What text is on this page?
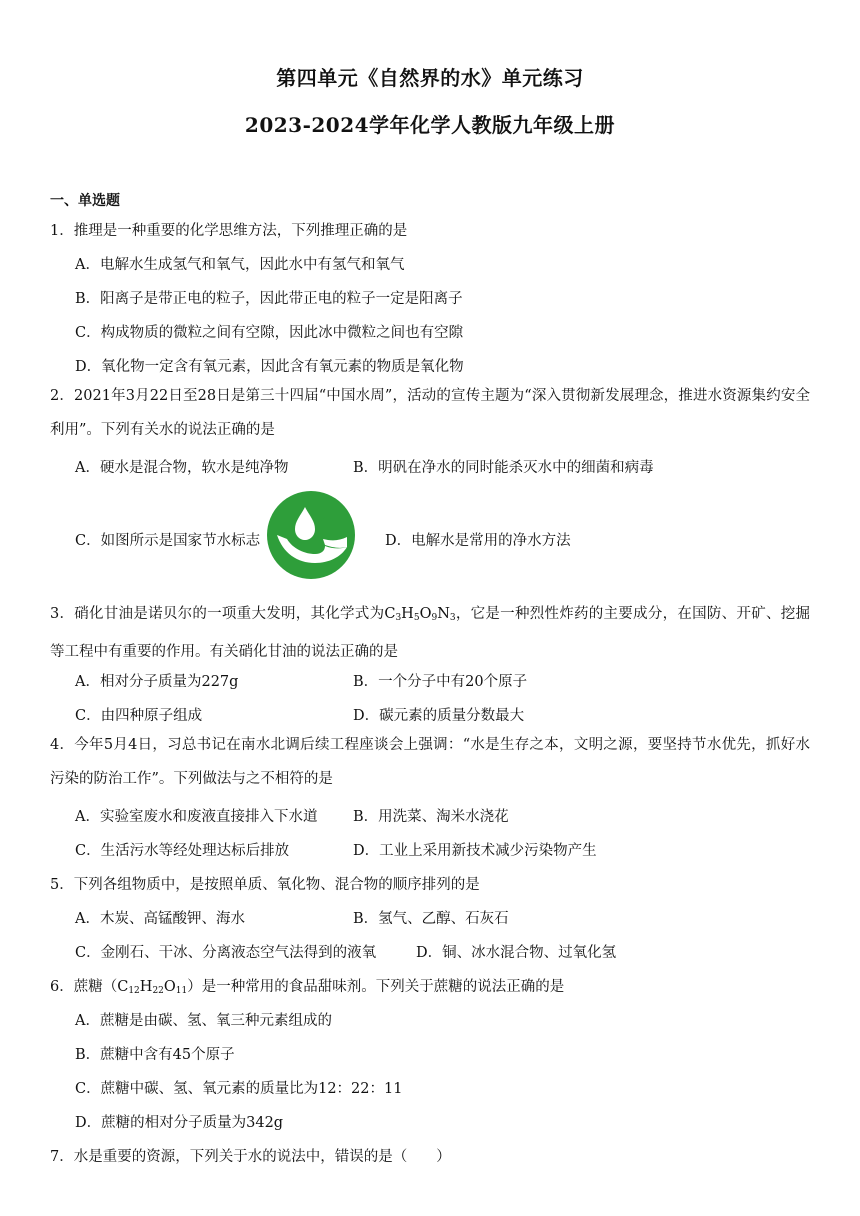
第四单元《自然界的水》单元练习
2023-2024学年化学人教版九年级上册
一、单选题
1．推理是一种重要的化学思维方法，下列推理正确的是
A．电解水生成氢气和氧气，因此水中有氢气和氧气
B．阳离子是带正电的粒子，因此带正电的粒子一定是阳离子
C．构成物质的微粒之间有空隙，因此冰中微粒之间也有空隙
D．氧化物一定含有氧元素，因此含有氧元素的物质是氧化物
2．2021年3月22日至28日是第三十四届“中国水周”，活动的宣传主题为“深入贯彻新发展理念，推进水资源集约安全利用”。下列有关水的说法正确的是
A．硬水是混合物，软水是纯净物	B．明矾在净水的同时能杀灭水中的细菌和病毒
C．如图所示是国家节水标志	D．电解水是常用的净水方法
3．硝化甘油是诺贝尔的一项重大发明，其化学式为$C_3H_5O_9N_3$，它是一种烈性炸药的主要成分，在国防、开矿、挖掘等工程中有重要的作用。有关硝化甘油的说法正确的是
A．相对分子质量为227g	B．一个分子中有20个原子
C．由四种原子组成	D．碳元素的质量分数最大
4．今年5月4日，习总书记在南水北调后续工程座谈会上强调：“水是生存之本，文明之源，要坚持节水优先，抓好水污染的防治工作”。下列做法与之不相符的是
A．实验室废水和废液直接排入下水道 B．用洗菜、淘米水浇花
C．生活污水等经处理达标后排放	D．工业上采用新技术减少污染物产生
5．下列各组物质中，是按照单质、氧化物、混合物的顺序排列的是
A．木炭、高锰酸钾、海水	B．氢气、乙醇、石灰石
C．金刚石、干冰、分离液态空气法得到的液氧	D．铜、冰水混合物、过氧化氢
6．蔗糖$(C_{12}H_{22}O_{11})$是一种常用的食品甜味剂。下列关于蔗糖的说法正确的是
A．蔗糖是由碳、氢、氧三种元素组成的
B．蔗糖中含有45个原子
C．蔗糖中碳、氢、氧元素的质量比为12：22：11
D．蔗糖的相对分子质量为342g
7．水是重要的资源，下列关于水的说法中，错误的是（　　）
